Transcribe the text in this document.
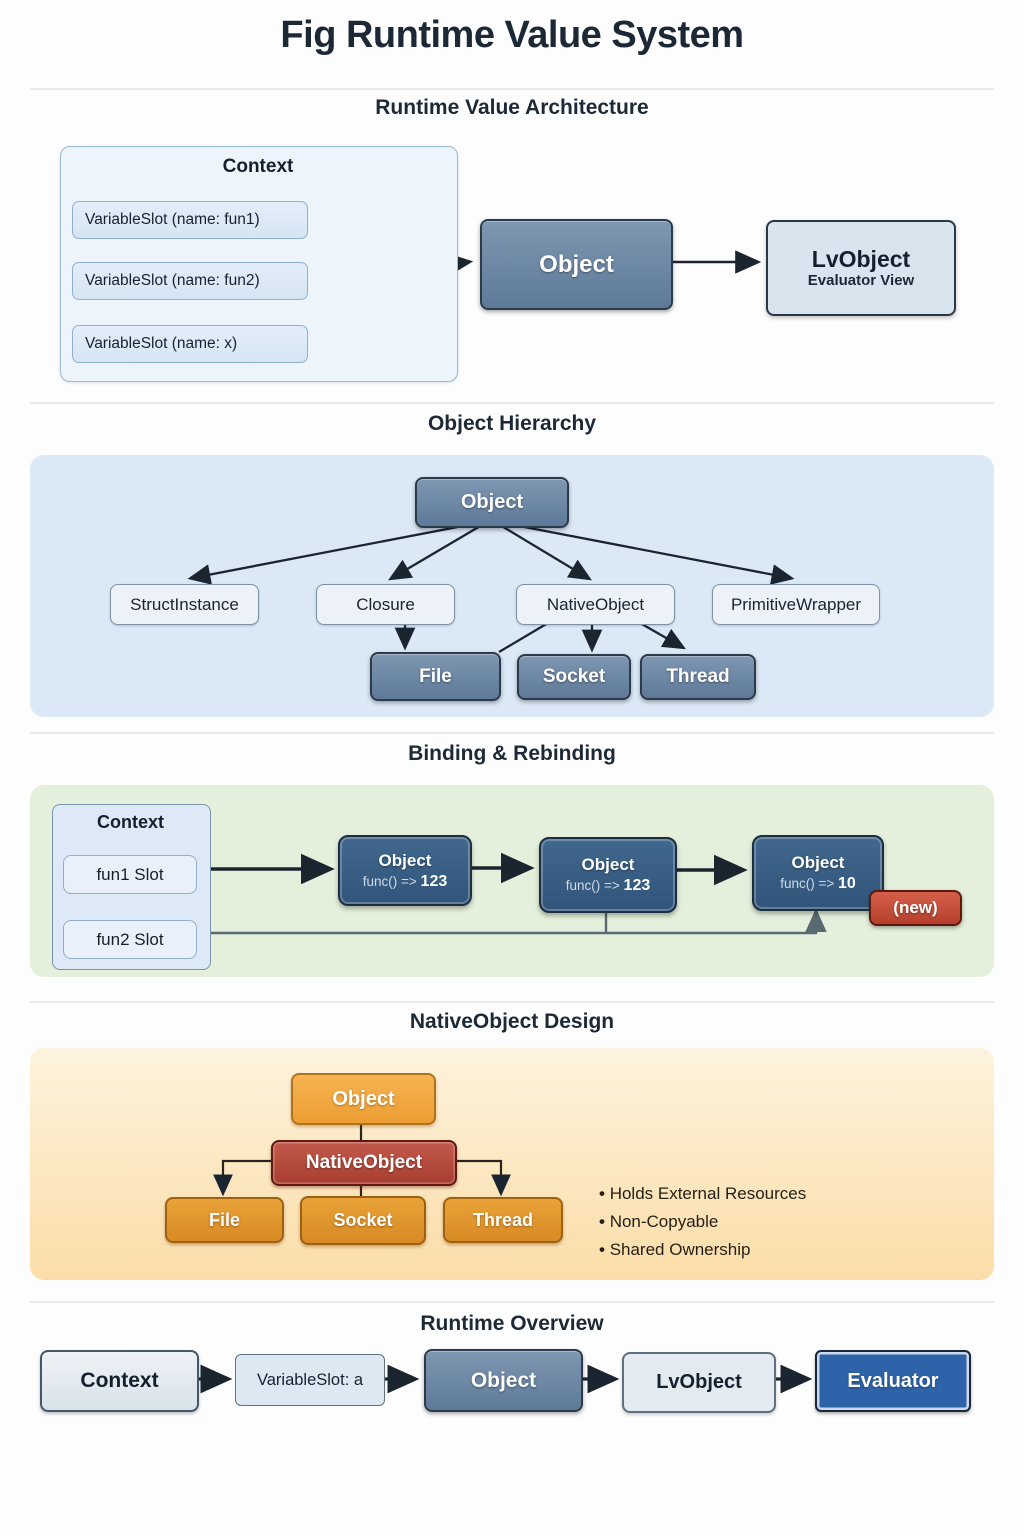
Fig Runtime Value System
Runtime Value Architecture
Object Hierarchy
Binding & Rebinding
NativeObject Design
Runtime Overview
Context
VariableSlot (name: fun1)
VariableSlot (name: fun2)
VariableSlot (name: x)
Object	LvObject
Evaluator View
Object
StructInstance	Closure	NativeObject	PrimitiveWrapper
File	Socket	Thread
Context
fun1 Slot
fun2 Slot
Object
func() => 123
Object
func() => 123
Object
func() => 10
(new)
Object
NativeObject
File	Socket	Thread
• Holds External Resources
• Non-Copyable
• Shared Ownership
Context	VariableSlot: a	Object	LvObject	Evaluator
